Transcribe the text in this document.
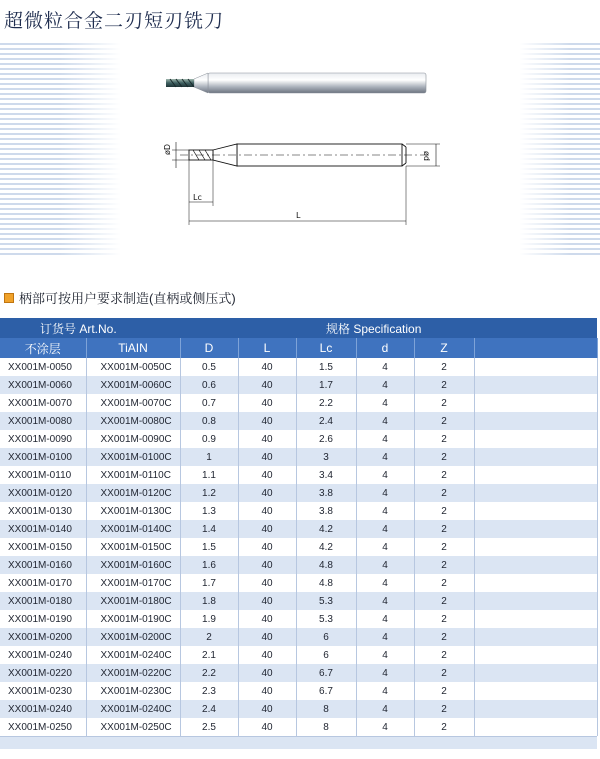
超微粒合金二刃短刃铣刀
øD
ød
Lc
L
柄部可按用户要求制造(直柄或侧压式)
订货号 Art.No.				规格 Specification			
不涂层	TiAIN	D	L	Lc	d	Z	
XX001M-0050	XX001M-0050C	0.5	40	1.5	4	2	
XX001M-0060	XX001M-0060C	0.6	40	1.7	4	2	
XX001M-0070	XX001M-0070C	0.7	40	2.2	4	2	
XX001M-0080	XX001M-0080C	0.8	40	2.4	4	2	
XX001M-0090	XX001M-0090C	0.9	40	2.6	4	2	
XX001M-0100	XX001M-0100C	1	40	3	4	2	
XX001M-0110	XX001M-0110C	1.1	40	3.4	4	2	
XX001M-0120	XX001M-0120C	1.2	40	3.8	4	2	
XX001M-0130	XX001M-0130C	1.3	40	3.8	4	2	
XX001M-0140	XX001M-0140C	1.4	40	4.2	4	2	
XX001M-0150	XX001M-0150C	1.5	40	4.2	4	2	
XX001M-0160	XX001M-0160C	1.6	40	4.8	4	2	
XX001M-0170	XX001M-0170C	1.7	40	4.8	4	2	
XX001M-0180	XX001M-0180C	1.8	40	5.3	4	2	
XX001M-0190	XX001M-0190C	1.9	40	5.3	4	2	
XX001M-0200	XX001M-0200C	2	40	6	4	2	
XX001M-0240	XX001M-0240C	2.1	40	6	4	2	
XX001M-0220	XX001M-0220C	2.2	40	6.7	4	2	
XX001M-0230	XX001M-0230C	2.3	40	6.7	4	2	
XX001M-0240	XX001M-0240C	2.4	40	8	4	2	
XX001M-0250	XX001M-0250C	2.5	40	8	4	2	
